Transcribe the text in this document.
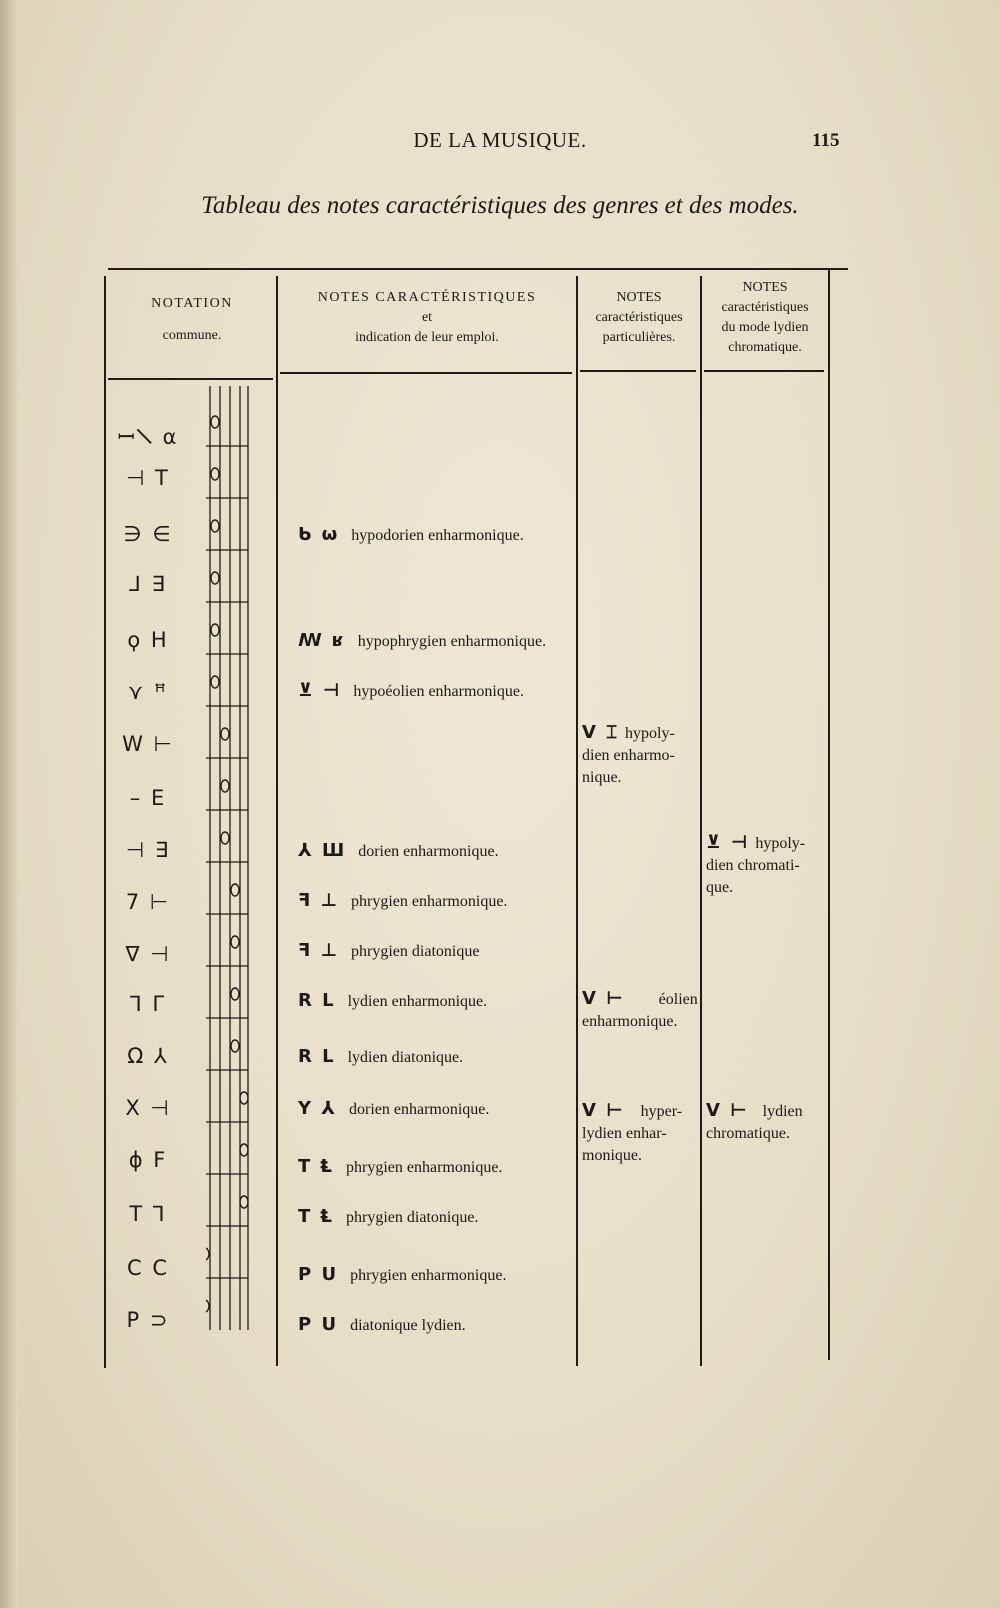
DE LA MUSIQUE.	115
Tableau des notes caractéristiques des genres et des modes.
NOTATION
commune.
NOTES CARACTÉRISTIQUES
et
indication de leur emploi.
NOTES
caractéristiques
particulières.
NOTES
caractéristiques
du mode lydien
chromatique.
ꟷ𝈏 ⍺
⊣ T
∋ ∈
⅃ ∃
ϙ H
⋎ ꟸ
W ⊢
– E
⊣ ∃
7 ⊢
∇ ⊣
⅂ Γ
Ω ⅄
X ⊣
ϕ F
T ⅂
C C
P ⊃
ᑲ ω hypodorien enharmonique.
ꟿ ʁ hypophrygien enharmonique.
⊻ ⊣ hypoéolien enharmonique.
⅄ Ш dorien enharmonique.
ꟻ ⊥ phrygien enharmonique.
ꟻ ⊥ phrygien diatonique
R L lydien enharmonique.
R L lydien diatonique.
Y ⅄ dorien enharmonique.
T Ⱡ phrygien enharmonique.
T Ⱡ phrygien diatonique.
P U phrygien enharmonique.
P U diatonique lydien.
V ⌶ hypoly-
dien enharmo-
nique.
V ⊢ éolien
enharmonique.
V ⊢ hyper-
lydien enhar-
monique.
⊻ ⊣ hypoly-
dien chromati-
que.
V ⊢ lydien
chromatique.
